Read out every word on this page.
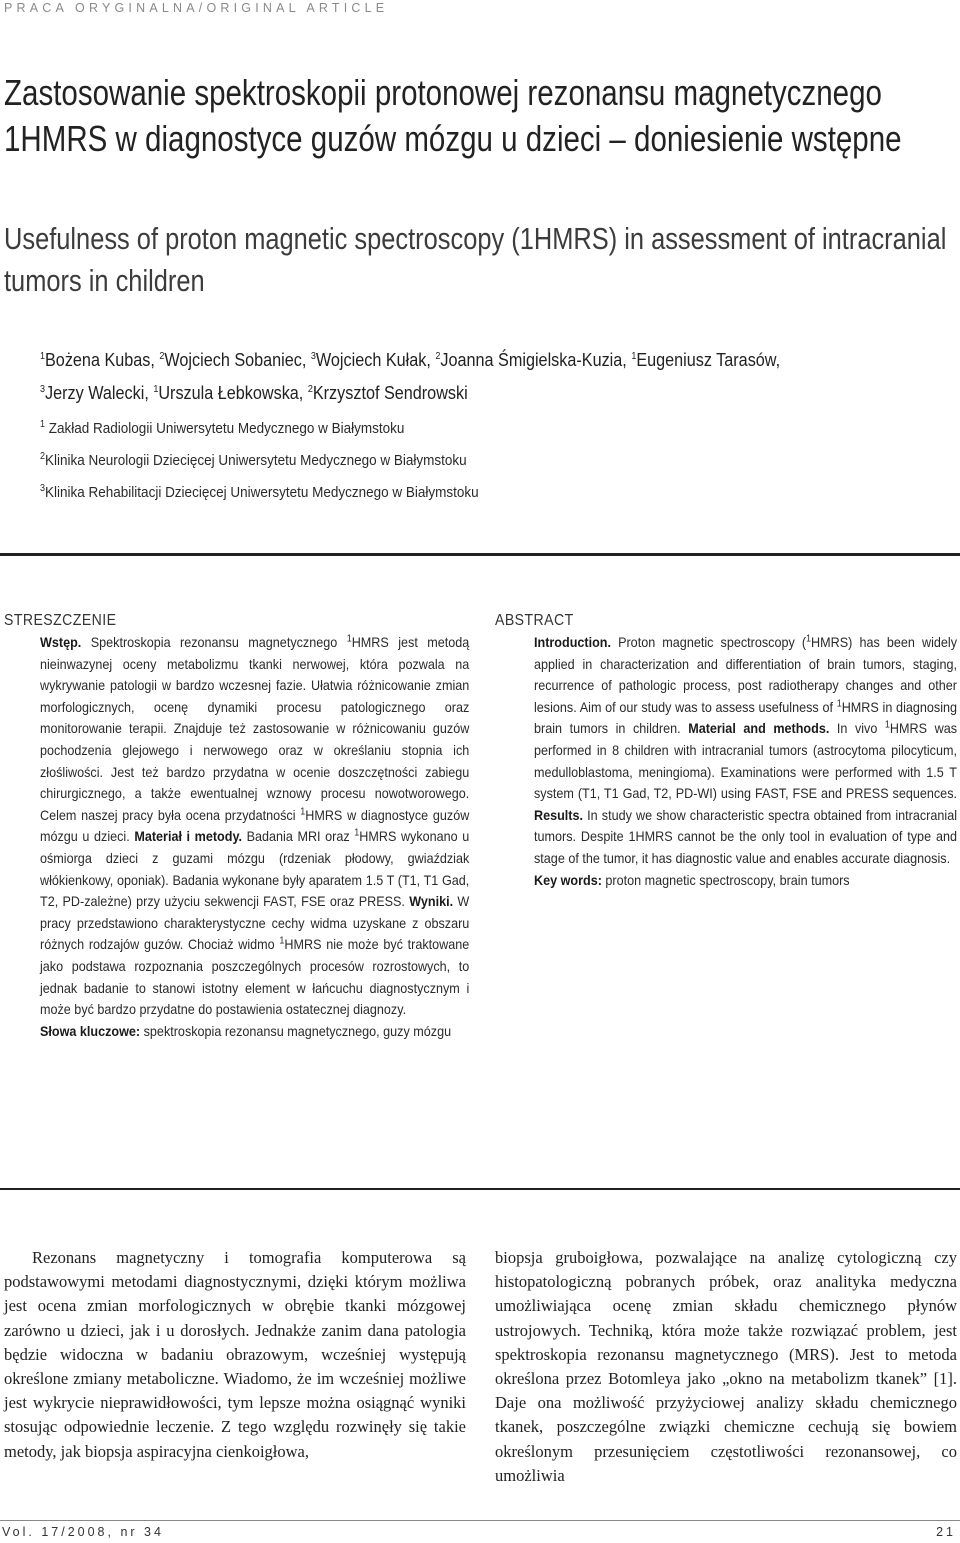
PRACA ORYGINALNA/ORIGINAL ARTICLE
Zastosowanie spektroskopii protonowej rezonansu magnetycznego
1HMRS w diagnostyce guzów mózgu u dzieci – doniesienie wstępne
Usefulness of proton magnetic spectroscopy (1HMRS) in assessment of intracranial
tumors in children
$^1$Bożena Kubas, $^2$Wojciech Sobaniec, $^3$Wojciech Kułak, $^2$Joanna Śmigielska-Kuzia, $^1$Eugeniusz Tarasów,
$^3$Jerzy Walecki, $^1$Urszula Łebkowska, $^2$Krzysztof Sendrowski
$^1$ Zakład Radiologii Uniwersytetu Medycznego w Białymstoku
$^2$Klinika Neurologii Dziecięcej Uniwersytetu Medycznego w Białymstoku
$^3$Klinika Rehabilitacji Dziecięcej Uniwersytetu Medycznego w Białymstoku
STRESZCZENIE	ABSTRACT
Wstęp. Spektroskopia rezonansu magnetycznego $^1$HMRS jest metodą nieinwazynej oceny metabolizmu tkanki nerwowej, która pozwala na wykrywanie patologii w bardzo wczesnej fazie. Ułatwia różnicowanie zmian morfologicznych, ocenę dynamiki procesu patologicznego oraz monitorowanie terapii. Znajduje też zastosowanie w różnicowaniu guzów pochodzenia glejowego i nerwowego oraz w określaniu stopnia ich złośliwości. Jest też bardzo przydatna w ocenie doszczętności zabiegu chirurgicznego, a także ewentualnej wznowy procesu nowotworowego. Celem naszej pracy była ocena przydatności $^1$HMRS w diagnostyce guzów mózgu u dzieci. Materiał i metody. Badania MRI oraz $^1$HMRS wykonano u ośmiorga dzieci z guzami mózgu (rdzeniak płodowy, gwiaździak włókienkowy, oponiak). Badania wykonane były aparatem 1.5 T (T1, T1 Gad, T2, PD-zależne) przy użyciu sekwencji FAST, FSE oraz PRESS. Wyniki. W pracy przedstawiono charakterystyczne cechy widma uzyskane z obszaru różnych rodzajów guzów. Chociaż widmo $^1$HMRS nie może być traktowane jako podstawa rozpoznania poszczególnych procesów rozrostowych, to jednak badanie to stanowi istotny element w łańcuchu diagnostycznym i może być bardzo przydatne do postawienia ostatecznej diagnozy.
Słowa kluczowe: spektroskopia rezonansu magnetycznego, guzy mózgu
Introduction. Proton magnetic spectroscopy ($^1$HMRS) has been widely applied in characterization and differentiation of brain tumors, staging, recurrence of pathologic process, post radiotherapy changes and other lesions. Aim of our study was to assess usefulness of $^1$HMRS in diagnosing brain tumors in children. Material and methods. In vivo $^1$HMRS was performed in 8 children with intracranial tumors (astrocytoma pilocyticum, medulloblastoma, meningioma). Examinations were performed with 1.5 T system (T1, T1 Gad, T2, PD-WI) using FAST, FSE and PRESS sequences. Results. In study we show characteristic spectra obtained from intracranial tumors. Despite 1HMRS cannot be the only tool in evaluation of type and stage of the tumor, it has diagnostic value and enables accurate diagnosis.
Key words: proton magnetic spectroscopy, brain tumors
Rezonans magnetyczny i tomografia komputerowa są podstawowymi metodami diagnostycznymi, dzięki którym możliwa jest ocena zmian morfologicznych w obrębie tkanki mózgowej zarówno u dzieci, jak i u dorosłych. Jednakże zanim dana patologia będzie widoczna w badaniu obrazowym, wcześniej występują określone zmiany metaboliczne. Wiadomo, że im wcześniej możliwe jest wykrycie nieprawidłowości, tym lepsze można osiągnąć wyniki stosując odpowiednie leczenie. Z tego względu rozwinęły się takie metody, jak biopsja aspiracyjna cienkoigłowa,
biopsja gruboigłowa, pozwalające na analizę cytologiczną czy histopatologiczną pobranych próbek, oraz analityka medyczna umożliwiająca ocenę zmian składu chemicznego płynów ustrojowych. Techniką, która może także rozwiązać problem, jest spektroskopia rezonansu magnetycznego (MRS). Jest to metoda określona przez Botomleya jako „okno na metabolizm tkanek” [1]. Daje ona możliwość przyżyciowej analizy składu chemicznego tkanek, poszczególne związki chemiczne cechują się bowiem określonym przesunięciem częstotliwości rezonansowej, co umożliwia
Vol. 17/2008, nr 34	21
